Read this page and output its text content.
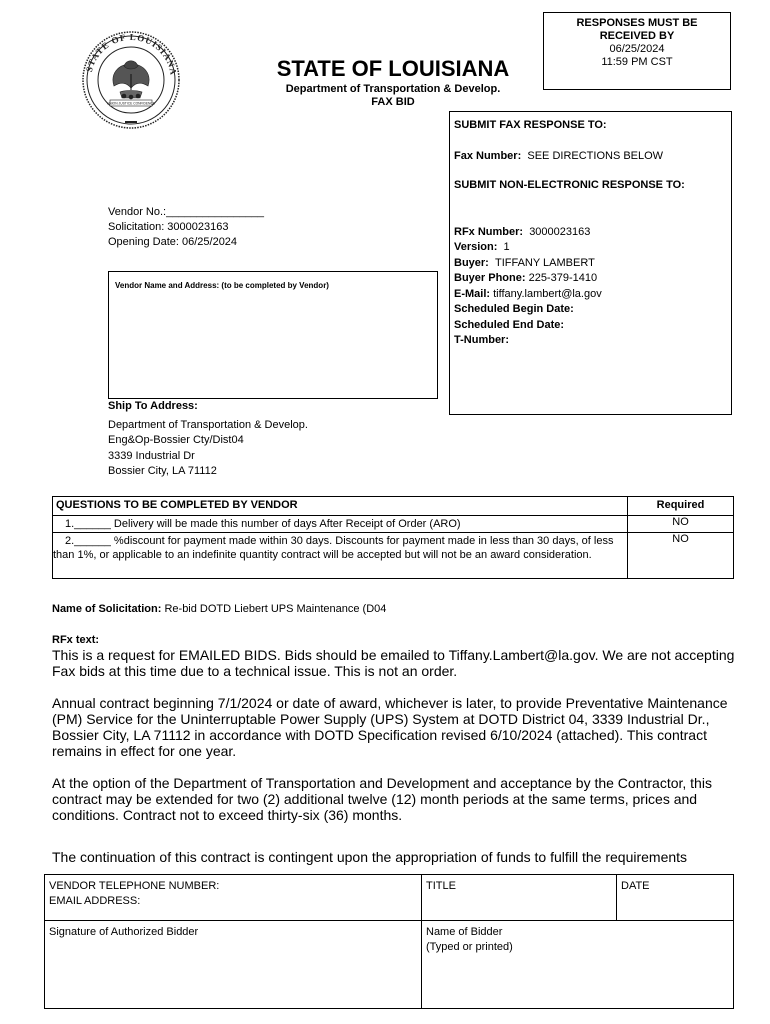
STATE OF LOUISIANA
UNION JUSTICE CONFIDENCE
STATE OF LOUISIANA
Department of Transportation & Develop.
FAX BID
RESPONSES MUST BE
RECEIVED BY
06/25/2024
11:59 PM CST
SUBMIT FAX RESPONSE TO:
Fax Number: SEE DIRECTIONS BELOW
SUBMIT NON-ELECTRONIC RESPONSE TO:
RFx Number: 3000023163
Version: 1
Buyer: TIFFANY LAMBERT
Buyer Phone: 225-379-1410
E-Mail: tiffany.lambert@la.gov
Scheduled Begin Date:
Scheduled End Date:
T-Number:
Vendor No.:________________
Solicitation: 3000023163
Opening Date: 06/25/2024
Vendor Name and Address: (to be completed by Vendor)
Ship To Address:
Department of Transportation & Develop.
Eng&Op-Bossier Cty/Dist04
3339 Industrial Dr
Bossier City, LA 71112
QUESTIONS TO BE COMPLETED BY VENDOR	Required
1.______ Delivery will be made this number of days After Receipt of Order (ARO)	NO
2.______ %discount for payment made within 30 days. Discounts for payment made in less than 30 days, of less than 1%, or applicable to an indefinite quantity contract will be accepted but will not be an award consideration.	NO
Name of Solicitation: Re-bid DOTD Liebert UPS Maintenance (D04
RFx text:

This is a request for EMAILED BIDS. Bids should be emailed to Tiffany.Lambert@la.gov. We are not accepting Fax bids at this time due to a technical issue. This is not an order.

Annual contract beginning 7/1/2024 or date of award, whichever is later, to provide Preventative Maintenance (PM) Service for the Uninterruptable Power Supply (UPS) System at DOTD District 04, 3339 Industrial Dr., Bossier City, LA 71112 in accordance with DOTD Specification revised 6/10/2024 (attached). This contract remains in effect for one year.

At the option of the Department of Transportation and Development and acceptance by the Contractor, this contract may be extended for two (2) additional twelve (12) month periods at the same terms, prices and conditions. Contract not to exceed thirty-six (36) months.

The continuation of this contract is contingent upon the appropriation of funds to fulfill the requirements
VENDOR TELEPHONE NUMBER:
EMAIL ADDRESS:	TITLE	DATE

Signature of Authorized Bidder	Name of Bidder
(Typed or printed)	
